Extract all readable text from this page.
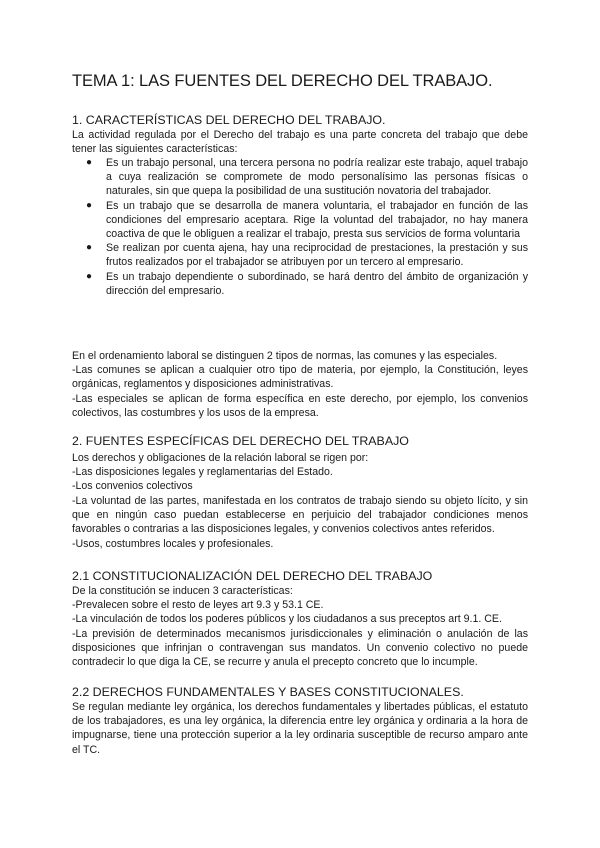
TEMA 1: LAS FUENTES DEL DERECHO DEL TRABAJO.
1. CARACTERÍSTICAS DEL DERECHO DEL TRABAJO.

La actividad regulada por el Derecho del trabajo es una parte concreta del trabajo que debe tener las siguientes características:

● Es un trabajo personal, una tercera persona no podría realizar este trabajo, aquel trabajo a cuya realización se compromete de modo personalísimo las personas físicas o naturales, sin que quepa la posibilidad de una sustitución novatoria del trabajador.
● Es un trabajo que se desarrolla de manera voluntaria, el trabajador en función de las condiciones del empresario aceptara. Rige la voluntad del trabajador, no hay manera coactiva de que le obliguen a realizar el trabajo, presta sus servicios de forma voluntaria
● Se realizan por cuenta ajena, hay una reciprocidad de prestaciones, la prestación y sus frutos realizados por el trabajador se atribuyen por un tercero al empresario.
● Es un trabajo dependiente o subordinado, se hará dentro del ámbito de organización y dirección del empresario.

En el ordenamiento laboral se distinguen 2 tipos de normas, las comunes y las especiales.

-Las comunes se aplican a cualquier otro tipo de materia, por ejemplo, la Constitución, leyes orgánicas, reglamentos y disposiciones administrativas.

-Las especiales se aplican de forma específica en este derecho, por ejemplo, los convenios colectivos, las costumbres y los usos de la empresa.

2. FUENTES ESPECÍFICAS DEL DERECHO DEL TRABAJO
Los derechos y obligaciones de la relación laboral se rigen por:
-Las disposiciones legales y reglamentarias del Estado.
-Los convenios colectivos

-La voluntad de las partes, manifestada en los contratos de trabajo siendo su objeto lícito, y sin que en ningún caso puedan establecerse en perjuicio del trabajador condiciones menos favorables o contrarias a las disposiciones legales, y convenios colectivos antes referidos.

-Usos, costumbres locales y profesionales.

2.1 CONSTITUCIONALIZACIÓN DEL DERECHO DEL TRABAJO
De la constitución se inducen 3 características:
-Prevalecen sobre el resto de leyes art 9.3 y 53.1 CE.
-La vinculación de todos los poderes públicos y los ciudadanos a sus preceptos art 9.1. CE.

-La previsión de determinados mecanismos jurisdiccionales y eliminación o anulación de las disposiciones que infrinjan o contravengan sus mandatos. Un convenio colectivo no puede contradecir lo que diga la CE, se recurre y anula el precepto concreto que lo incumple.

2.2 DERECHOS FUNDAMENTALES Y BASES CONSTITUCIONALES.

Se regulan mediante ley orgánica, los derechos fundamentales y libertades públicas, el estatuto de los trabajadores, es una ley orgánica, la diferencia entre ley orgánica y ordinaria a la hora de impugnarse, tiene una protección superior a la ley ordinaria susceptible de recurso amparo ante el TC.
